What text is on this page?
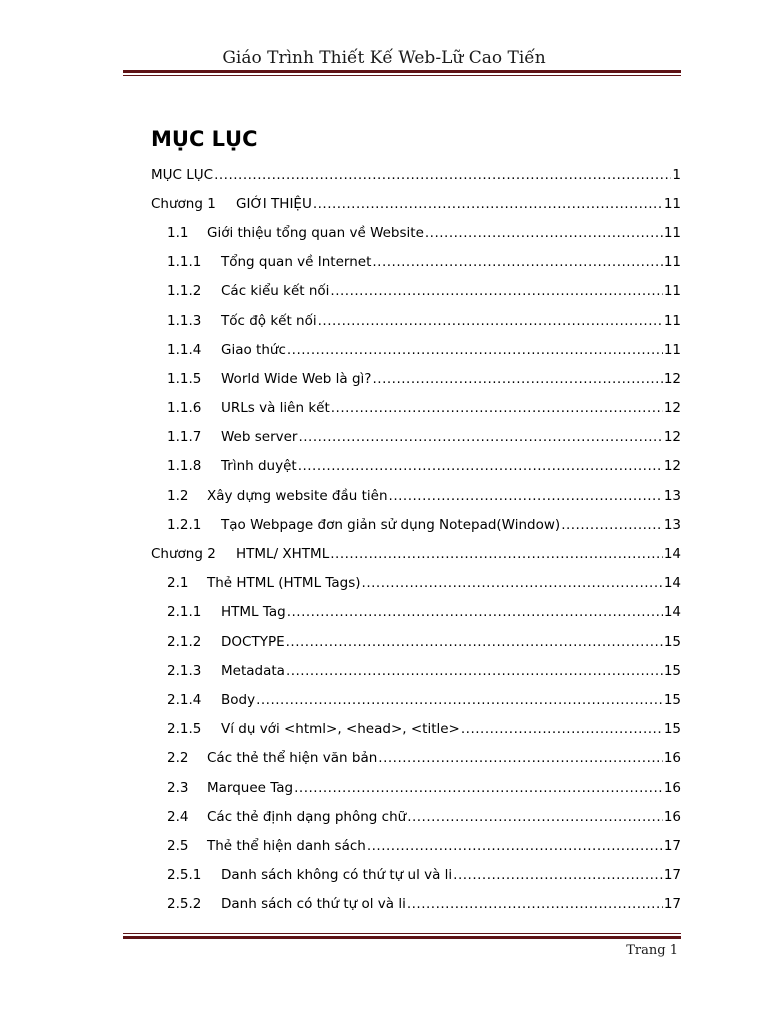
Giáo Trình Thiết Kế Web-Lữ Cao Tiến
MỤC LỤC
MỤC LỤC .....	1
Chương 1	GIỚI THIỆU .....	11
1.1	Giới thiệu tổng quan về Website .....	11
1.1.1	Tổng quan về Internet .....	11
1.1.2	Các kiểu kết nối .....	11
1.1.3	Tốc độ kết nối .....	11
1.1.4	Giao thức .....	11
1.1.5	World Wide Web là gì? .....	12
1.1.6	URLs và liên kết .....	12
1.1.7	Web server .....	12
1.1.8	Trình duyệt .....	12
1.2	Xây dựng website đầu tiên .....	13
1.2.1	Tạo Webpage đơn giản sử dụng Notepad(Window) .....	13
Chương 2	HTML/ XHTML .....	14
2.1	Thẻ HTML (HTML Tags) .....	14
2.1.1	HTML Tag .....	14
2.1.2	DOCTYPE .....	15
2.1.3	Metadata .....	15
2.1.4	Body .....	15
2.1.5	Ví dụ với <html>, <head>, <title> .....	15
2.2	Các thẻ thể hiện văn bản .....	16
2.3	Marquee Tag .....	16
2.4	Các thẻ định dạng phông chữ .....	16
2.5	Thẻ thể hiện danh sách .....	17
2.5.1	Danh sách không có thứ tự ul và li .....	17
2.5.2	Danh sách có thứ tự ol và li .....	17
Trang 1
